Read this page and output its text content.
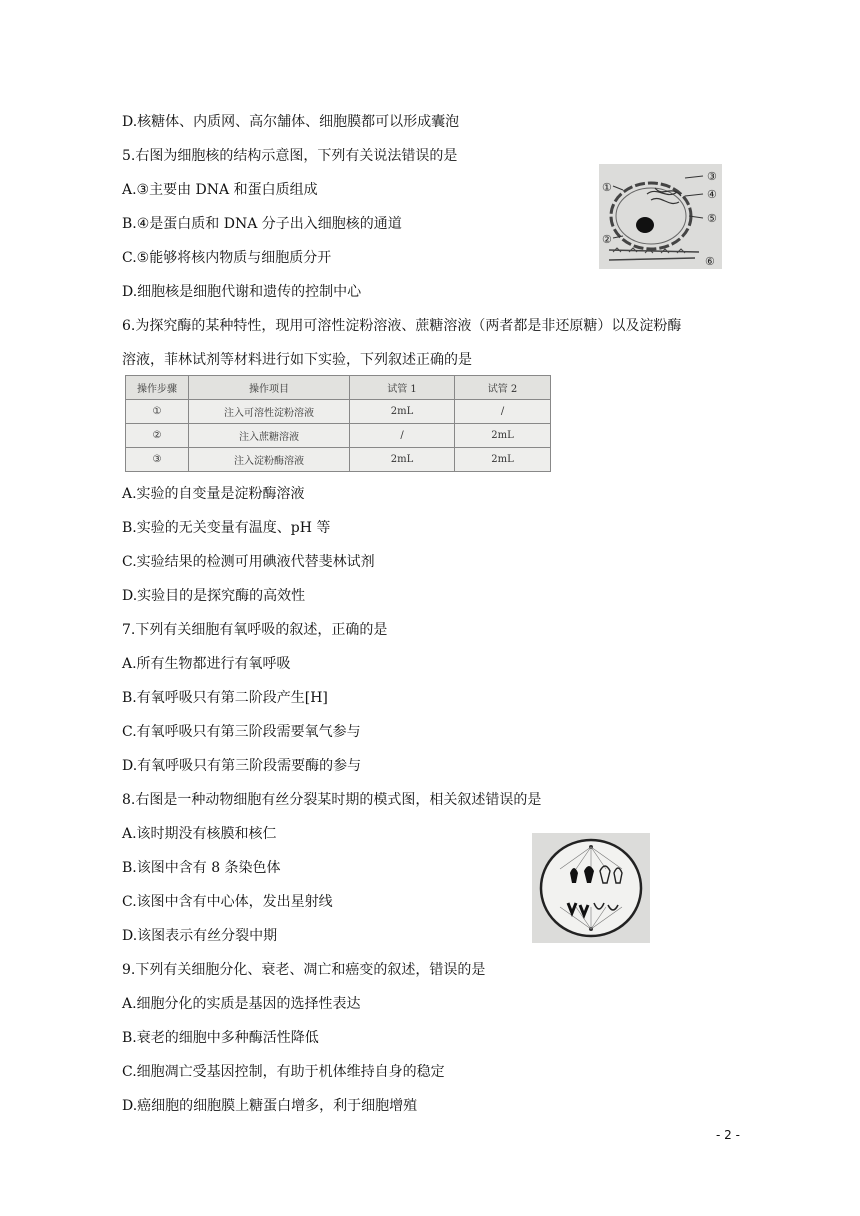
D.核糖体、内质网、高尔舗体、细胞膜都可以形成囊泡
5.右图为细胞核的结构示意图，下列有关说法错误的是
A.③主要由 DNA 和蛋白质组成
B.④是蛋白质和 DNA 分子出入细胞核的通道
C.⑤能够将核内物质与细胞质分开
D.细胞核是细胞代谢和遗传的控制中心
①
②
③
④
⑤
⑥
6.为探究酶的某种特性，现用可溶性淀粉溶液、蔗糖溶液（两者都是非还原糖）以及淀粉酶
溶液，菲林试剂等材料进行如下实验，下列叙述正确的是
操作步骤	操作项目	试管 1	试管 2
①	注入可溶性淀粉溶液	2mL	/
②	注入蔗糖溶液	/	2mL
③	注入淀粉酶溶液	2mL	2mL
A.实验的自变量是淀粉酶溶液
B.实验的无关变量有温度、pH 等
C.实验结果的检测可用碘液代替斐林试剂
D.实验目的是探究酶的高效性
7.下列有关细胞有氧呼吸的叙述，正确的是
A.所有生物都进行有氧呼吸
B.有氧呼吸只有第二阶段产生[H]
C.有氧呼吸只有第三阶段需要氧气参与
D.有氧呼吸只有第三阶段需要酶的参与
8.右图是一种动物细胞有丝分裂某时期的模式图，相关叙述错误的是
A.该时期没有核膜和核仁
B.该图中含有 8 条染色体
C.该图中含有中心体，发出星射线
D.该图表示有丝分裂中期
9.下列有关细胞分化、衰老、凋亡和癌变的叙述，错误的是
A.细胞分化的实质是基因的选择性表达
B.衰老的细胞中多种酶活性降低
C.细胞凋亡受基因控制，有助于机体维持自身的稳定
D.癌细胞的细胞膜上糖蛋白增多，利于细胞增殖
- 2 -
